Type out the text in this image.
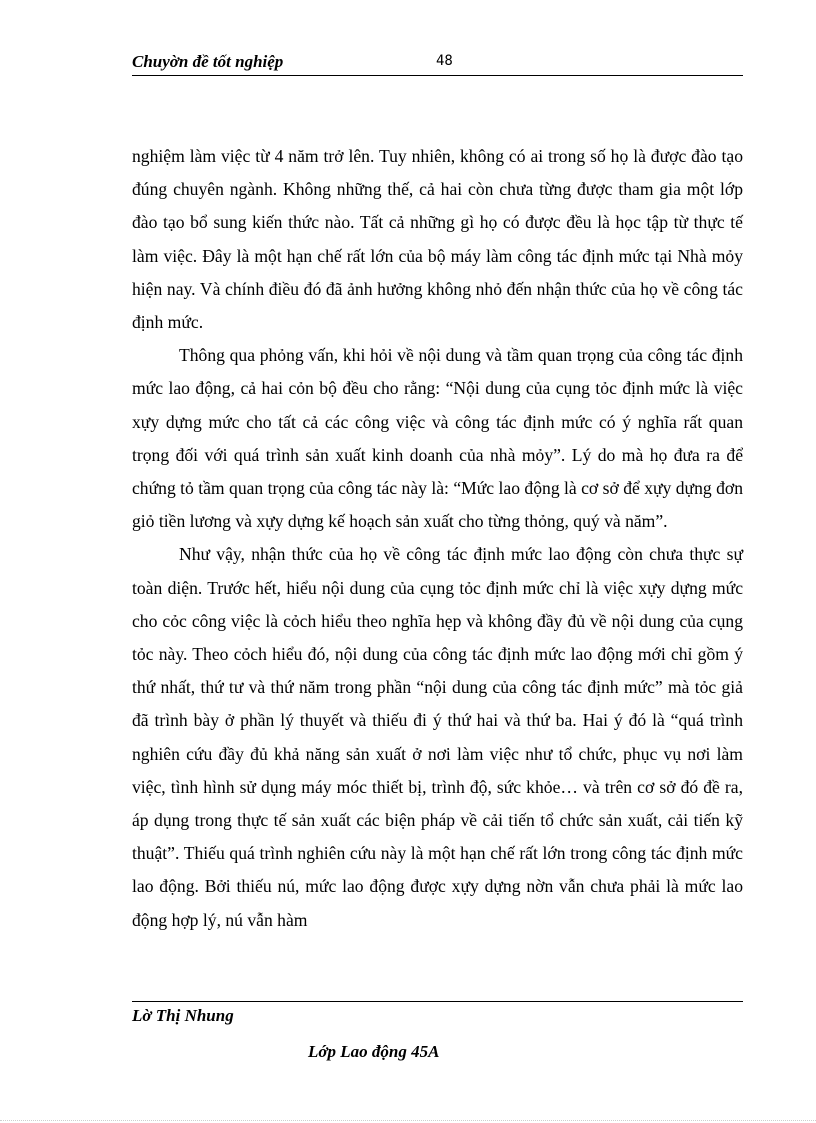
Chuyờn đề tốt nghiệp	48

nghiệm làm việc từ 4 năm trở lên. Tuy nhiên, không có ai trong số họ là được đào tạo đúng chuyên ngành. Không những thế, cả hai còn chưa từng được tham gia một lớp đào tạo bổ sung kiến thức nào. Tất cả những gì họ có được đều là học tập từ thực tế làm việc. Đây là một hạn chế rất lớn của bộ máy làm công tác định mức tại Nhà mỏy hiện nay. Và chính điều đó đã ảnh hưởng không nhỏ đến nhận thức của họ về công tác định mức.

Thông qua phỏng vấn, khi hỏi về nội dung và tầm quan trọng của công tác định mức lao động, cả hai cỏn bộ đều cho rằng: “Nội dung của cụng tỏc định mức là việc xựy dựng mức cho tất cả các công việc và công tác định mức có ý nghĩa rất quan trọng đối với quá trình sản xuất kinh doanh của nhà mỏy”. Lý do mà họ đưa ra để chứng tỏ tầm quan trọng của công tác này là: “Mức lao động là cơ sở để xựy dựng đơn giỏ tiền lương và xựy dựng kế hoạch sản xuất cho từng thỏng, quý và năm”.

Như vậy, nhận thức của họ về công tác định mức lao động còn chưa thực sự toàn diện. Trước hết, hiểu nội dung của cụng tỏc định mức chỉ là việc xựy dựng mức cho cỏc công việc là cỏch hiểu theo nghĩa hẹp và không đầy đủ về nội dung của cụng tỏc này. Theo cỏch hiểu đó, nội dung của công tác định mức lao động mới chỉ gồm ý thứ nhất, thứ tư và thứ năm trong phần “nội dung của công tác định mức” mà tỏc giả đã trình bày ở phần lý thuyết và thiếu đi ý thứ hai và thứ ba. Hai ý đó là “quá trình nghiên cứu đầy đủ khả năng sản xuất ở nơi làm việc như tổ chức, phục vụ nơi làm việc, tình hình sử dụng máy móc thiết bị, trình độ, sức khỏe… và trên cơ sở đó đề ra, áp dụng trong thực tế sản xuất các biện pháp về cải tiến tổ chức sản xuất, cải tiến kỹ thuật”. Thiếu quá trình nghiên cứu này là một hạn chế rất lớn trong công tác định mức lao động. Bởi thiếu nú, mức lao động được xựy dựng nờn vẫn chưa phải là mức lao động hợp lý, nú vẫn hàm

Lờ Thị Nhung
Lớp Lao động 45A
